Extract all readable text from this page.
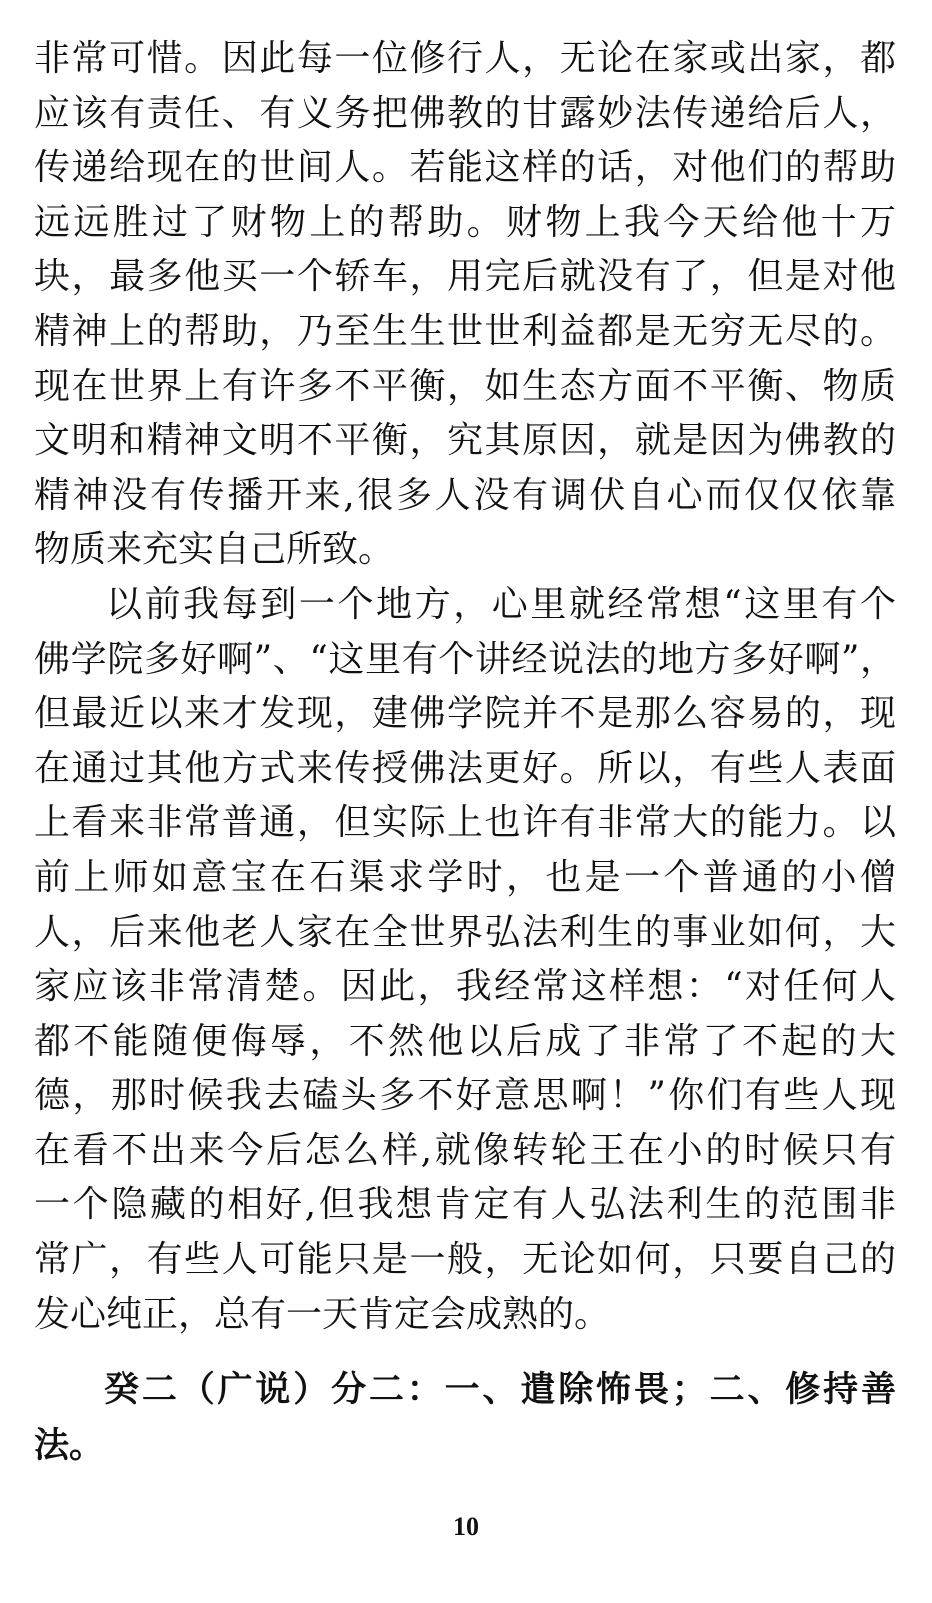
非常可惜。因此每一位修行人，无论在家或出家，都
应该有责任、有义务把佛教的甘露妙法传递给后人，
传递给现在的世间人。若能这样的话，对他们的帮助
远远胜过了财物上的帮助。财物上我今天给他十万
块，最多他买一个轿车，用完后就没有了，但是对他
精神上的帮助，乃至生生世世利益都是无穷无尽的。
现在世界上有许多不平衡，如生态方面不平衡、物质
文明和精神文明不平衡，究其原因，就是因为佛教的
精神没有传播开来,很多人没有调伏自心而仅仅依靠
物质来充实自己所致。
以前我每到一个地方，心里就经常想“这里有个
佛学院多好啊”、“这里有个讲经说法的地方多好啊”，
但最近以来才发现，建佛学院并不是那么容易的，现
在通过其他方式来传授佛法更好。所以，有些人表面
上看来非常普通，但实际上也许有非常大的能力。以
前上师如意宝在石渠求学时，也是一个普通的小僧
人，后来他老人家在全世界弘法利生的事业如何，大
家应该非常清楚。因此，我经常这样想：“对任何人
都不能随便侮辱，不然他以后成了非常了不起的大
德，那时候我去磕头多不好意思啊！”你们有些人现
在看不出来今后怎么样,就像转轮王在小的时候只有
一个隐藏的相好,但我想肯定有人弘法利生的范围非
常广，有些人可能只是一般，无论如何，只要自己的
发心纯正，总有一天肯定会成熟的。
癸二（广说）分二：一、遣除怖畏；二、修持善
法。
10
